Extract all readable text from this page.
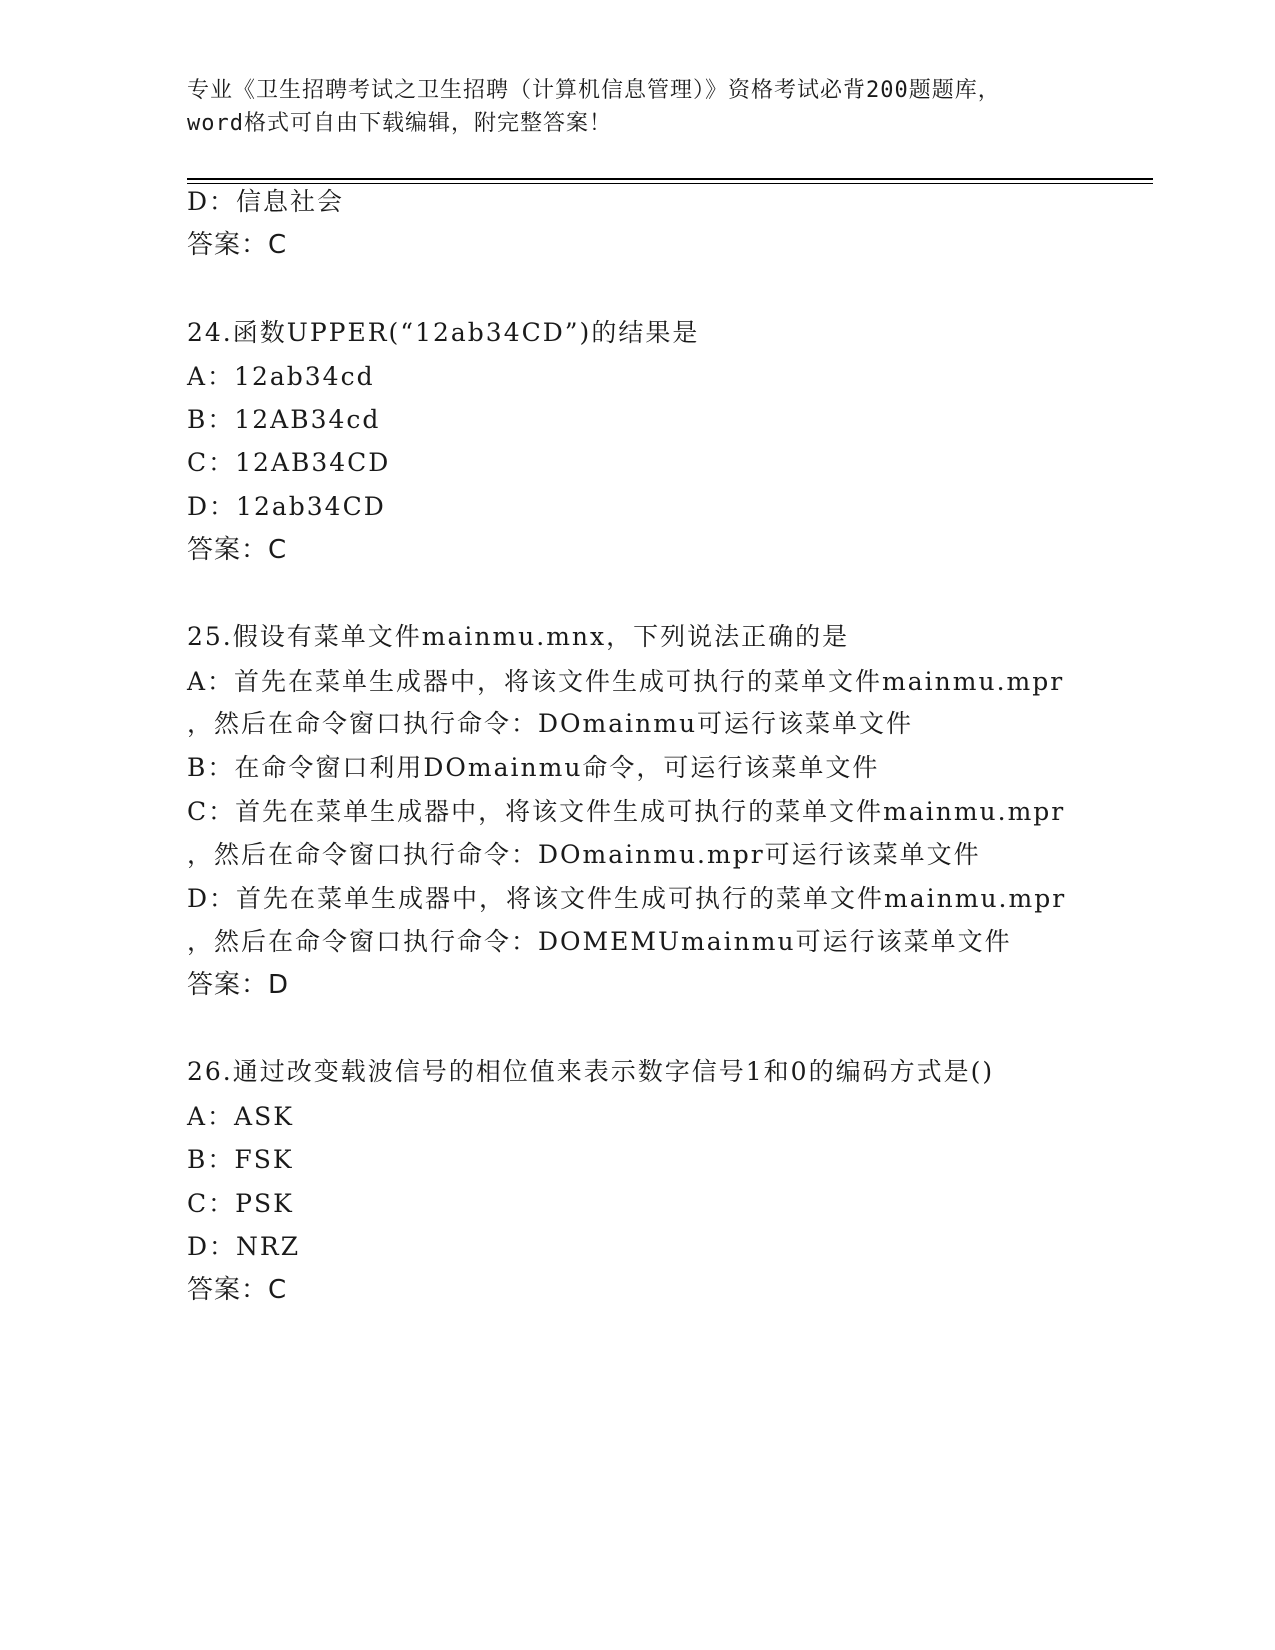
专业《卫生招聘考试之卫生招聘（计算机信息管理）》资格考试必背200题题库，
word格式可自由下载编辑，附完整答案！
D：信息社会
答案：C
24.函数UPPER(“12ab34CD”)的结果是
A：12ab34cd
B：12AB34cd
C：12AB34CD
D：12ab34CD
答案：C
25.假设有菜单文件mainmu.mnx，下列说法正确的是
A：首先在菜单生成器中，将该文件生成可执行的菜单文件mainmu.mpr
，然后在命令窗口执行命令：DOmainmu可运行该菜单文件
B：在命令窗口利用DOmainmu命令，可运行该菜单文件
C：首先在菜单生成器中，将该文件生成可执行的菜单文件mainmu.mpr
，然后在命令窗口执行命令：DOmainmu.mpr可运行该菜单文件
D：首先在菜单生成器中，将该文件生成可执行的菜单文件mainmu.mpr
，然后在命令窗口执行命令：DOMEMUmainmu可运行该菜单文件
答案：D
26.通过改变载波信号的相位值来表示数字信号1和0的编码方式是()
A：ASK
B：FSK
C：PSK
D：NRZ
答案：C
